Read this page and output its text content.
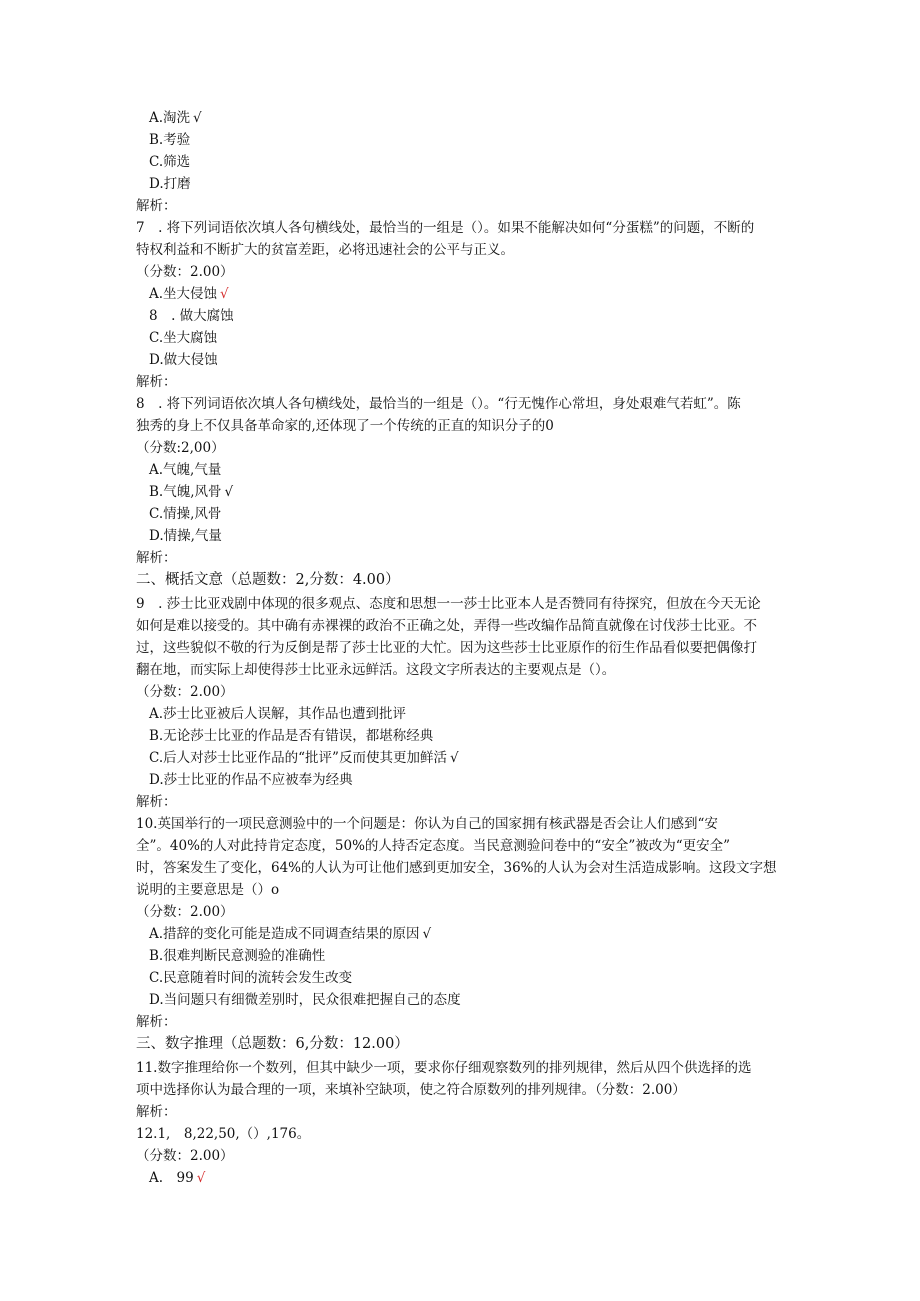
A.淘洗 √
B.考验
C.筛选
D.打磨
解析：
7　. 将下列词语依次填人各句横线处，最恰当的一组是（）。如果不能解决如何“分蛋糕”的问题，不断的
特权利益和不断扩大的贫富差距，必将迅速社会的公平与正义。
（分数：2.00）
A.坐大侵蚀 √
8　. 做大腐蚀
C.坐大腐蚀
D.做大侵蚀
解析：
8　. 将下列词语依次填人各句横线处，最恰当的一组是（）。“行无愧作心常坦，身处艰难气若虹”。陈
独秀的身上不仅具备革命家的,还体现了一个传统的正直的知识分子的0
（分数:2,00）
A.气魄,气量
B.气魄,风骨 √
C.情操,风骨
D.情操,气量
解析：
二、概括文意（总题数：2,分数：4.00）
9　. 莎士比亚戏剧中体现的很多观点、态度和思想一一莎士比亚本人是否赞同有待探究，但放在今天无论
如何是难以接受的。其中确有赤裸裸的政治不正确之处，弄得一些改编作品简直就像在讨伐莎士比亚。不
过，这些貌似不敬的行为反倒是帮了莎士比亚的大忙。因为这些莎士比亚原作的衍生作品看似要把偶像打
翻在地，而实际上却使得莎士比亚永远鲜活。这段文字所表达的主要观点是（）。
（分数：2.00）
A.莎士比亚被后人误解，其作品也遭到批评
B.无论莎士比亚的作品是否有错误，都堪称经典
C.后人对莎士比亚作品的“批评”反而使其更加鲜活 √
D.莎士比亚的作品不应被奉为经典
解析：
10.英国举行的一项民意测验中的一个问题是：你认为自己的国家拥有核武器是否会让人们感到“安
全”。40%的人对此持肯定态度，50%的人持否定态度。当民意测验问卷中的“安全”被改为“更安全”
时，答案发生了变化，64%的人认为可让他们感到更加安全，36%的人认为会对生活造成影响。这段文字想
说明的主要意思是（）o
（分数：2.00）
A.措辞的变化可能是造成不同调查结果的原因 √
B.很难判断民意测验的准确性
C.民意随着时间的流转会发生改变
D.当问题只有细微差别时，民众很难把握自己的态度
解析：
三、数字推理（总题数：6,分数：12.00）
11.数字推理给你一个数列，但其中缺少一项，要求你仔细观察数列的排列规律，然后从四个供选择的选
项中选择你认为最合理的一项，来填补空缺项，使之符合原数列的排列规律。（分数：2.00）
解析：
12.1,　8,22,50,（）,176。
（分数：2.00）
A.　99 √
